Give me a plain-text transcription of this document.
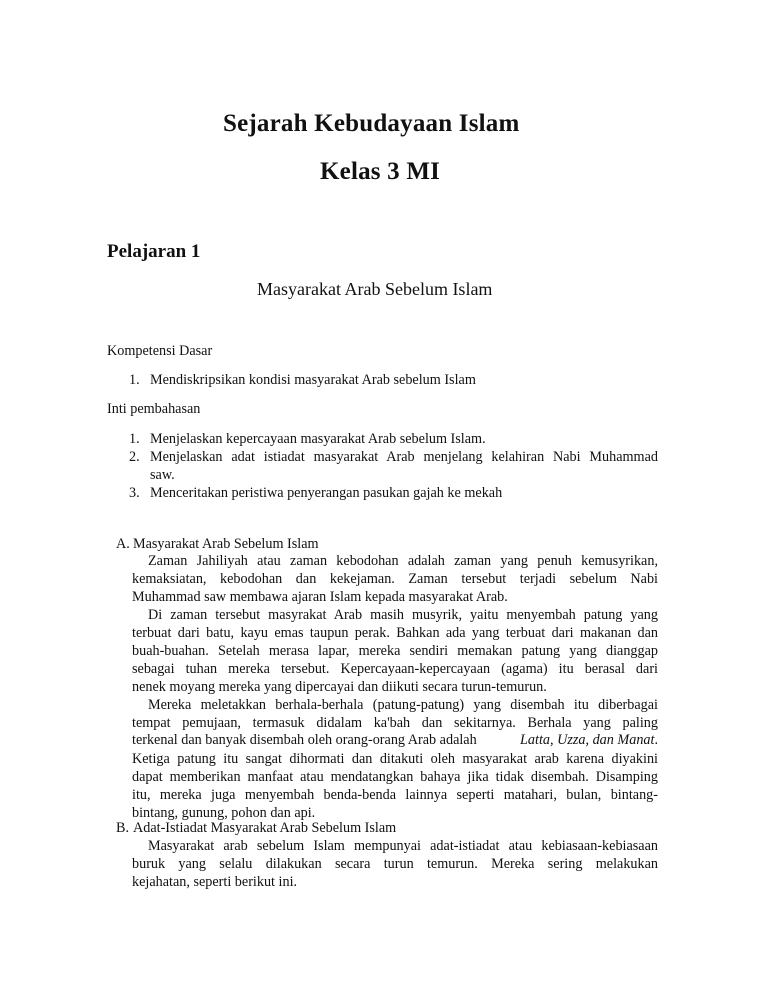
Sejarah Kebudayaan Islam
Kelas 3 MI
Pelajaran 1
Masyarakat Arab Sebelum Islam
Kompetensi Dasar
1. Mendiskripsikan kondisi masyarakat Arab sebelum Islam
Inti pembahasan
1. Menjelaskan kepercayaan masyarakat Arab sebelum Islam.
2. Menjelaskan adat istiadat masyarakat Arab menjelang kelahiran Nabi Muhammad
saw.
3. Menceritakan peristiwa penyerangan pasukan gajah ke mekah
A. Masyarakat Arab Sebelum Islam
Zaman Jahiliyah atau zaman kebodohan adalah zaman yang penuh kemusyrikan,
kemaksiatan, kebodohan dan kekejaman. Zaman tersebut terjadi sebelum Nabi
Muhammad saw membawa ajaran Islam kepada masyarakat Arab.
Di zaman tersebut masyrakat Arab masih musyrik, yaitu menyembah patung yang
terbuat dari batu, kayu emas taupun perak. Bahkan ada yang terbuat dari makanan dan
buah-buahan. Setelah merasa lapar, mereka sendiri memakan patung yang dianggap
sebagai tuhan mereka tersebut. Kepercayaan-kepercayaan (agama) itu berasal dari
nenek moyang mereka yang dipercayai dan diikuti secara turun-temurun.
Mereka meletakkan berhala-berhala (patung-patung) yang disembah itu diberbagai
tempat pemujaan, termasuk didalam ka'bah dan sekitarnya. Berhala yang paling
terkenal dan banyak disembah oleh orang-orang Arab adalah	Latta, Uzza, dan Manat.
Ketiga patung itu sangat dihormati dan ditakuti oleh masyarakat arab karena diyakini
dapat memberikan manfaat atau mendatangkan bahaya jika tidak disembah. Disamping
itu, mereka juga menyembah benda-benda lainnya seperti matahari, bulan, bintang-
bintang, gunung, pohon dan api.
B. Adat-Istiadat Masyarakat Arab Sebelum Islam
Masyarakat arab sebelum Islam mempunyai adat-istiadat atau kebiasaan-kebiasaan
buruk yang selalu dilakukan secara turun temurun. Mereka sering melakukan
kejahatan, seperti berikut ini.
